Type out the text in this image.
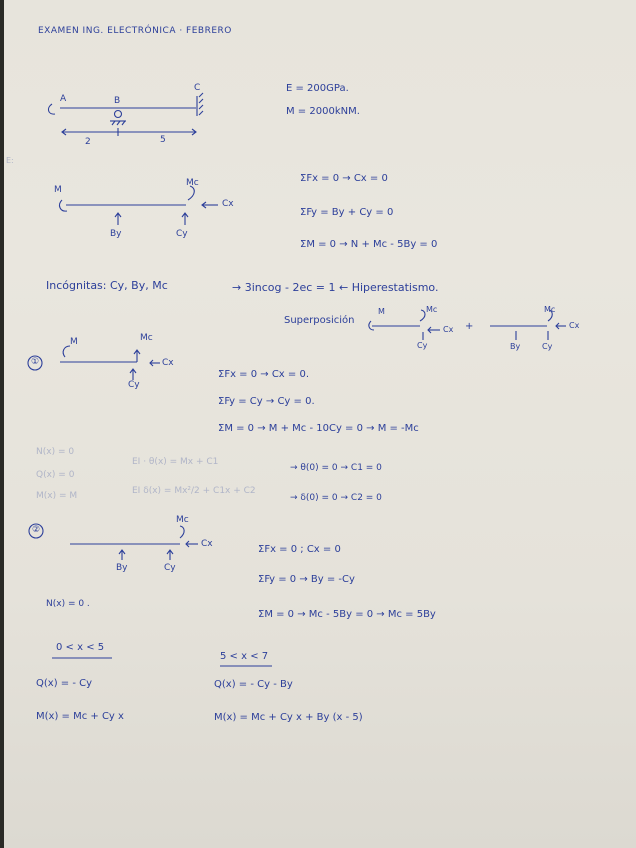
EXAMEN ING. ELECTRÓNICA · FEBRERO
E:
A	B
C
2	5
E = 200GPa.
M = 2000kNM.
M
Mc
Cx
By	Cy
ΣFx = 0 → Cx = 0
ΣFy = By + Cy = 0
ΣM = 0 → N + Mc - 5By = 0
Incógnitas: Cy, By, Mc	→ 3incog - 2ec = 1 ← Hiperestatismo.
Superposición
M	Mc
Cx
Cy
+
Mc
Cx
By	Cy
①
M	Mc
Cx
Cy
ΣFx = 0 → Cx = 0.
ΣFy = Cy → Cy = 0.
ΣM = 0 → M + Mc - 10Cy = 0 → M = -Mc
N(x) = 0
Q(x) = 0
M(x) = M
EI · θ(x) = Mx + C1
→ θ(0) = 0 → C1 = 0
EI δ(x) = Mx²/2 + C1x + C2
→ δ(0) = 0 → C2 = 0
②
Mc
Cx
By	Cy
ΣFx = 0 ; Cx = 0
ΣFy = 0 → By = -Cy
ΣM = 0 → Mc - 5By = 0 → Mc = 5By
N(x) = 0 .
0 < x < 5
Q(x) = - Cy
M(x) = Mc + Cy x
5 < x < 7
Q(x) = - Cy - By
M(x) = Mc + Cy x + By (x - 5)
